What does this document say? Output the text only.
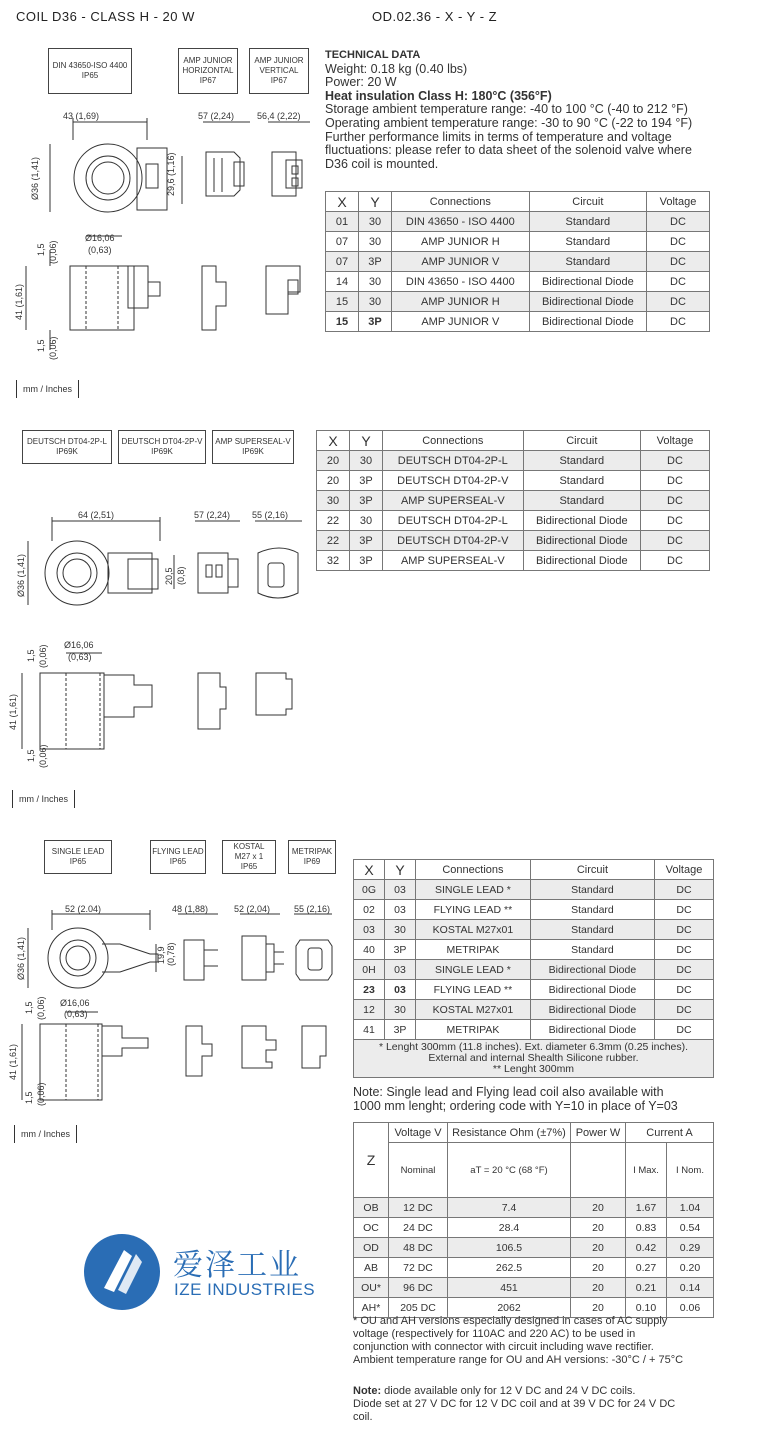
COIL D36 - CLASS H - 20 W	OD.02.36 - X - Y - Z
DIN 43650-ISO 4400
IP65
AMP JUNIOR
HORIZONTAL
IP67
AMP JUNIOR
VERTICAL
IP67
43 (1,69)	57 (2,24)	56,4 (2,22)
Ø36 (1,41)	29,6 (1,16)
Ø16,06
(0,63)
1,5 (0,06)
41 (1,61)
1,5 (0,06)
mm / Inches
TECHNICAL DATA
Weight: 0.18 kg (0.40 lbs)
Power: 20 W
Heat insulation Class H: 180°C (356°F)
Storage ambient temperature range: -40 to 100 °C (-40 to 212 °F)
Operating ambient temperature range: -30 to 90 °C (-22 to 194 °F)
Further performance limits in terms of temperature and voltage
fluctuations: please refer to data sheet of the solenoid valve where
D36 coil is mounted.
X	Y	Connections	Circuit	Voltage
01	30	DIN 43650 - ISO 4400	Standard	DC
07	30	AMP JUNIOR H	Standard	DC
07	3P	AMP JUNIOR V	Standard	DC
14	30	DIN 43650 - ISO 4400	Bidirectional Diode	DC
15	30	AMP JUNIOR H	Bidirectional Diode	DC
15	3P	AMP JUNIOR V	Bidirectional Diode	DC
DEUTSCH DT04-2P-L
IP69K
DEUTSCH DT04-2P-V
IP69K
AMP SUPERSEAL-V
IP69K
64 (2,51)	57 (2,24) 55 (2,16)
Ø36 (1,41)	20,5 (0,8)
Ø16,06
(0,63)
1,5 (0,06)
41 (1,61)
1,5 (0,06)
mm / Inches
X	Y	Connections	Circuit	Voltage
20	30	DEUTSCH DT04-2P-L	Standard	DC
20	3P	DEUTSCH DT04-2P-V	Standard	DC
30	3P	AMP SUPERSEAL-V	Standard	DC
22	30	DEUTSCH DT04-2P-L	Bidirectional Diode	DC
22	3P	DEUTSCH DT04-2P-V	Bidirectional Diode	DC
32	3P	AMP SUPERSEAL-V	Bidirectional Diode	DC
SINGLE LEAD
IP65
FLYING LEAD
IP65
KOSTAL
M27 x 1
IP65
METRIPAK
IP69
52 (2.04)	48 (1,88)	52 (2,04)	55 (2,16)
Ø36 (1,41)	19,9 (0,78)
Ø16,06
(0,63)
1,5 (0,06)
41 (1,61)
1,5 (0,06)
mm / Inches
X	Y	Connections	Circuit	Voltage
0G	03	SINGLE LEAD *	Standard	DC
02	03	FLYING LEAD **	Standard	DC
03	30	KOSTAL M27x01	Standard	DC
40	3P	METRIPAK	Standard	DC
0H	03	SINGLE LEAD *	Bidirectional Diode	DC
23	03	FLYING LEAD **	Bidirectional Diode	DC
12	30	KOSTAL M27x01	Bidirectional Diode	DC
41	3P	METRIPAK	Bidirectional Diode	DC

* Lenght 300mm (11.8 inches). Ext. diameter 6.3mm (0.25 inches).
External and internal Shealth Silicone rubber.
** Lenght 300mm				
Note: Single lead and Flying lead coil also available with
1000 mm lenght; ordering code with Y=10 in place of Y=03
Z	Voltage V	Resistance Ohm (±7%)	Power W	Current A	
	Nominal	aT = 20 °C (68 °F)		I Max.	I Nom.
OB	12 DC	7.4	20	1.67	1.04
OC	24 DC	28.4	20	0.83	0.54
OD	48 DC	106.5	20	0.42	0.29
AB	72 DC	262.5	20	0.27	0.20
OU*	96 DC	451	20	0.21	0.14
AH*	205 DC	2062	20	0.10	0.06
爱泽工业
IZE INDUSTRIES
* OU and AH versions especially designed in cases of AC supply
voltage (respectively for 110AC and 220 AC) to be used in
conjunction with connector with circuit including wave rectifier.
Ambient temperature range for OU and AH versions: -30°C / + 75°C
Note: diode available only for 12 V DC and 24 V DC coils.
Diode set at 27 V DC for 12 V DC coil and at 39 V DC for 24 V DC
coil.
